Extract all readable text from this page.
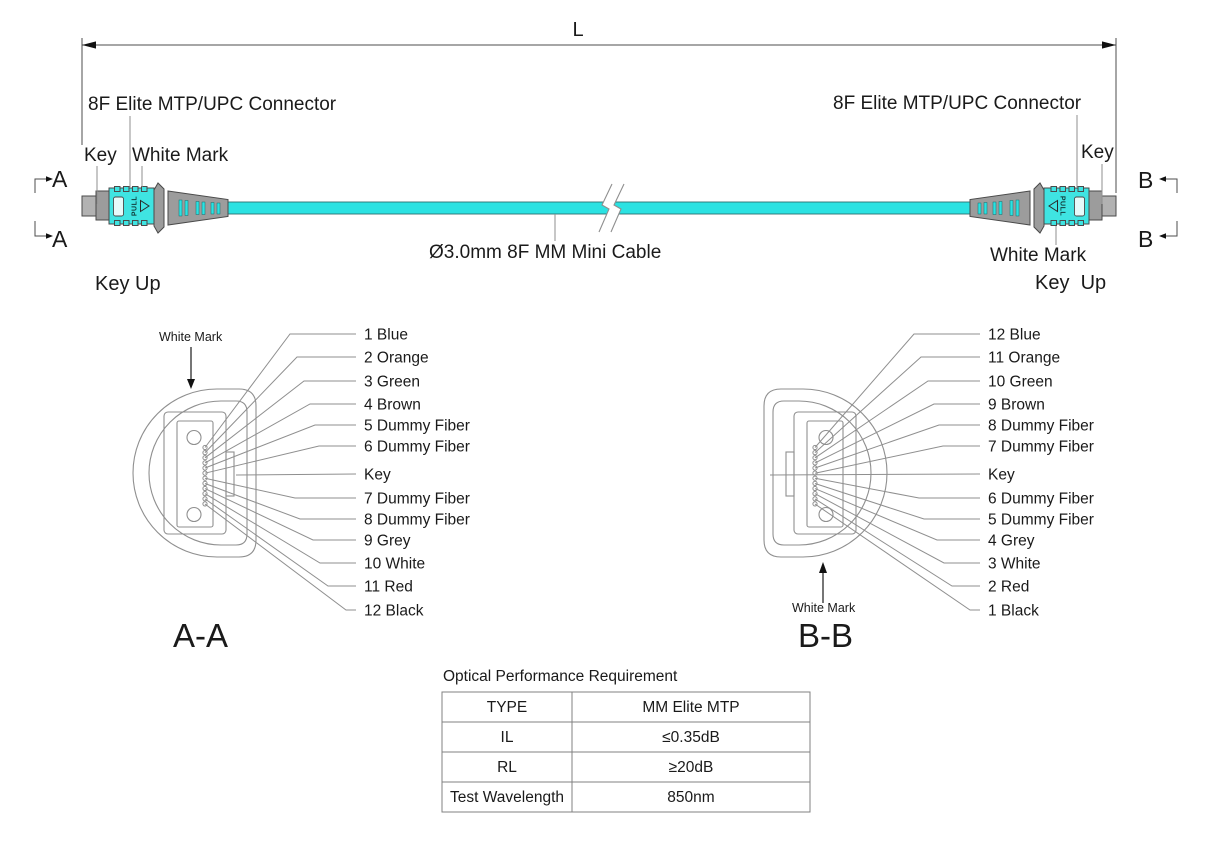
L
PULL	PULL
8F Elite MTP/UPC Connector
Key White Mark
Key Up
8F Elite MTP/UPC Connector
Key
White Mark
Key  Up
Ø3.0mm 8F MM Mini Cable
A
A
B
B
White Mark
A-A
1 Blue
2 Orange
3 Green
4 Brown
5 Dummy Fiber
6 Dummy Fiber
Key
7 Dummy Fiber
8 Dummy Fiber
9 Grey
10 White
11 Red
12 Black	White Mark
B-B
12 Blue
11 Orange
10 Green
9 Brown
8 Dummy Fiber
7 Dummy Fiber
Key
6 Dummy Fiber
5 Dummy Fiber
4 Grey
3 White
2 Red
1 Black
Optical Performance Requirement
TYPE	MM Elite MTP
IL	≤0.35dB
RL	≥20dB
Test Wavelength	850nm
